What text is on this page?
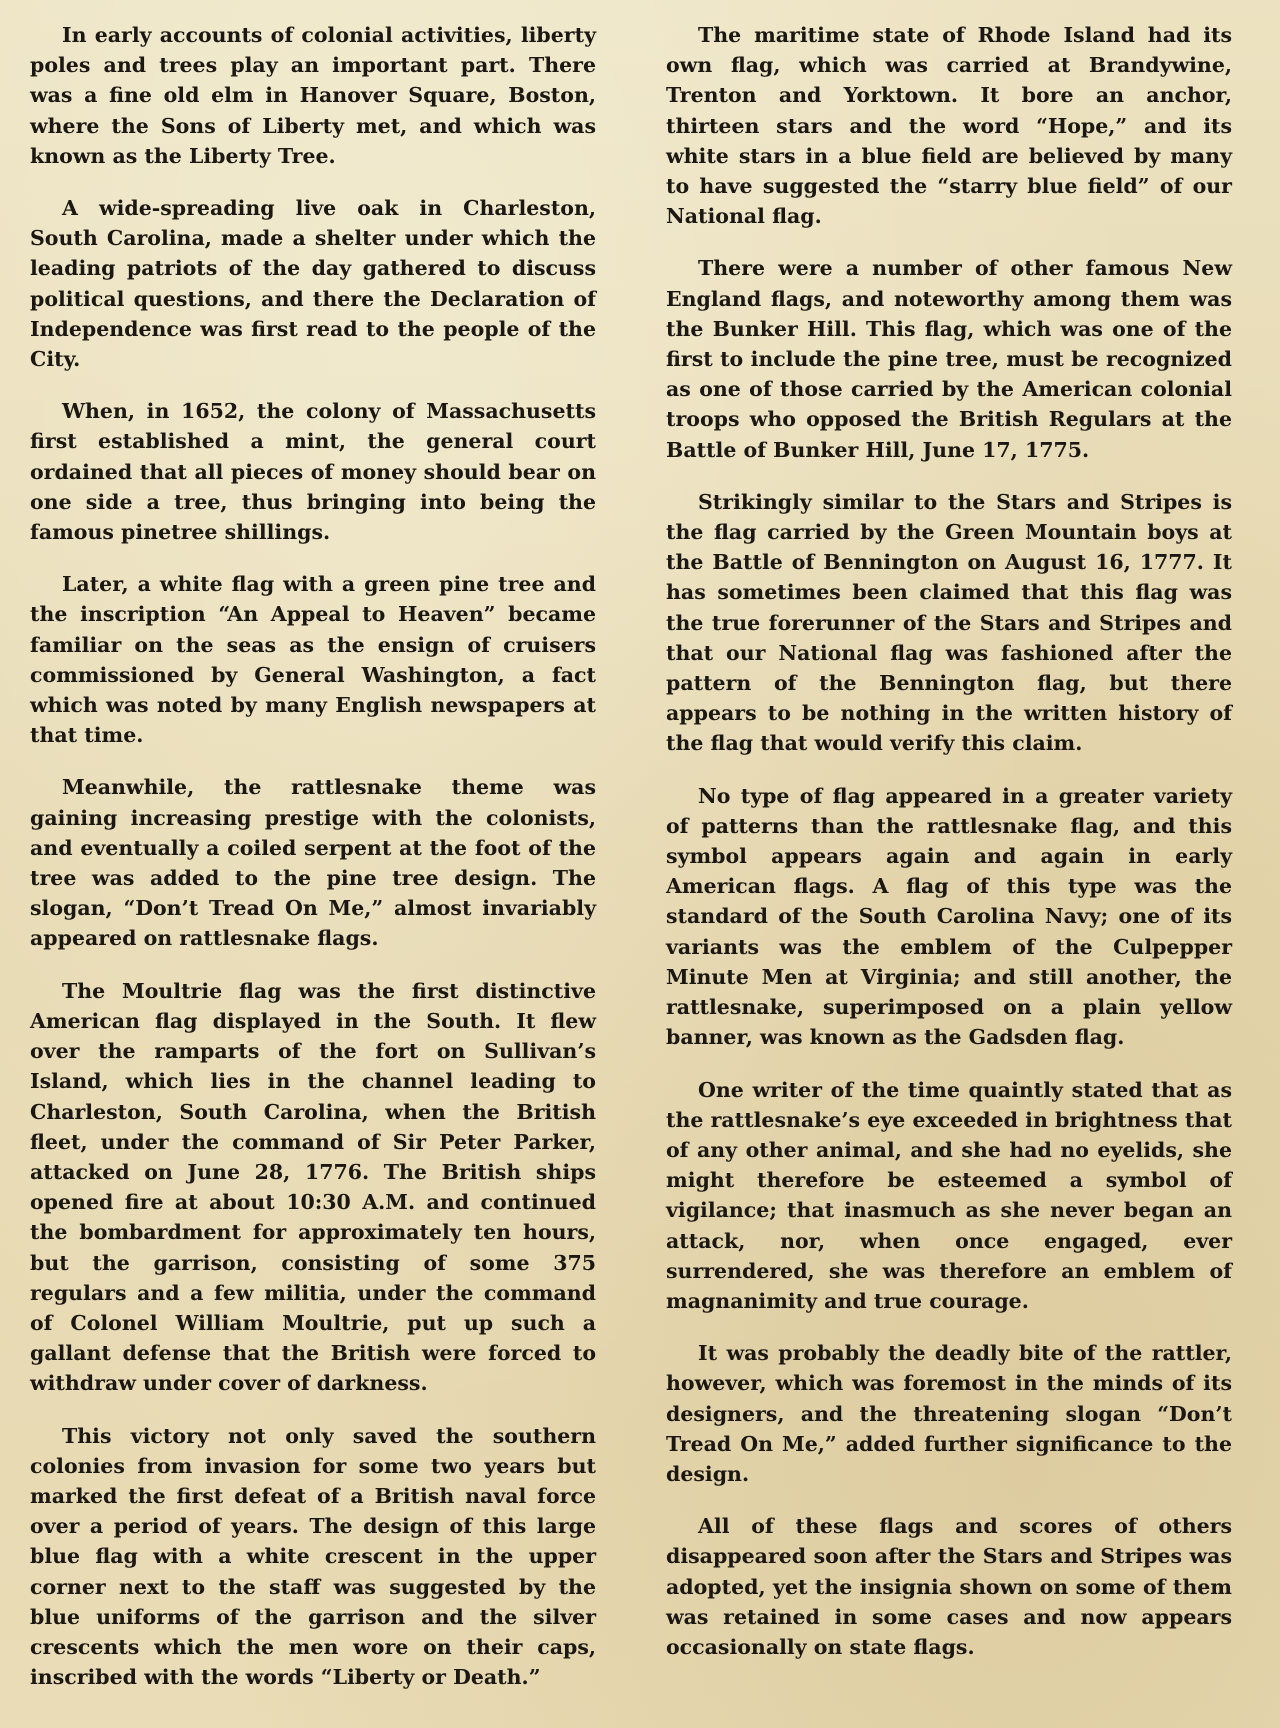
In early accounts of colonial activities, liberty poles and trees play an important part. There was a fine old elm in Hanover Square, Boston, where the Sons of Liberty met, and which was known as the Liberty Tree.

A wide-spreading live oak in Charleston, South Carolina, made a shelter under which the leading patriots of the day gathered to discuss political questions, and there the Declaration of Independence was first read to the people of the City.

When, in 1652, the colony of Massachusetts first established a mint, the general court ordained that all pieces of money should bear on one side a tree, thus bringing into being the famous pinetree shillings.

Later, a white flag with a green pine tree and the inscription “An Appeal to Heaven” became familiar on the seas as the ensign of cruisers commissioned by General Washington, a fact which was noted by many English newspapers at that time.

Meanwhile, the rattlesnake theme was gaining increasing prestige with the colonists, and eventually a coiled serpent at the foot of the tree was added to the pine tree design. The slogan, “Don’t Tread On Me,” almost invariably appeared on rattlesnake flags.

The Moultrie flag was the first distinctive American flag displayed in the South. It flew over the ramparts of the fort on Sullivan’s Island, which lies in the channel leading to Charleston, South Carolina, when the British fleet, under the command of Sir Peter Parker, attacked on June 28, 1776. The British ships opened fire at about 10:30 A.M. and continued the bombardment for approximately ten hours, but the garrison, consisting of some 375 regulars and a few militia, under the command of Colonel William Moultrie, put up such a gallant defense that the British were forced to withdraw under cover of darkness.

This victory not only saved the southern colonies from invasion for some two years but marked the first defeat of a British naval force over a period of years. The design of this large blue flag with a white crescent in the upper corner next to the staff was suggested by the blue uniforms of the garrison and the silver crescents which the men wore on their caps, inscribed with the words “Liberty or Death.”

The maritime state of Rhode Island had its own flag, which was carried at Brandywine, Trenton and Yorktown. It bore an anchor, thirteen stars and the word “Hope,” and its white stars in a blue field are believed by many to have suggested the “starry blue field” of our National flag.

There were a number of other famous New England flags, and noteworthy among them was the Bunker Hill. This flag, which was one of the first to include the pine tree, must be recognized as one of those carried by the American colonial troops who opposed the British Regulars at the Battle of Bunker Hill, June 17, 1775.

Strikingly similar to the Stars and Stripes is the flag carried by the Green Mountain boys at the Battle of Bennington on August 16, 1777. It has sometimes been claimed that this flag was the true forerunner of the Stars and Stripes and that our National flag was fashioned after the pattern of the Bennington flag, but there appears to be nothing in the written history of the flag that would verify this claim.

No type of flag appeared in a greater variety of patterns than the rattlesnake flag, and this symbol appears again and again in early American flags. A flag of this type was the standard of the South Carolina Navy; one of its variants was the emblem of the Culpepper Minute Men at Virginia; and still another, the rattlesnake, superimposed on a plain yellow banner, was known as the Gadsden flag.

One writer of the time quaintly stated that as the rattlesnake’s eye exceeded in brightness that of any other animal, and she had no eyelids, she might therefore be esteemed a symbol of vigilance; that inasmuch as she never began an attack, nor, when once engaged, ever surrendered, she was therefore an emblem of magnanimity and true courage.

It was probably the deadly bite of the rattler, however, which was foremost in the minds of its designers, and the threatening slogan “Don’t Tread On Me,” added further significance to the design.

All of these flags and scores of others disappeared soon after the Stars and Stripes was adopted, yet the insignia shown on some of them was retained in some cases and now appears occasionally on state flags.
